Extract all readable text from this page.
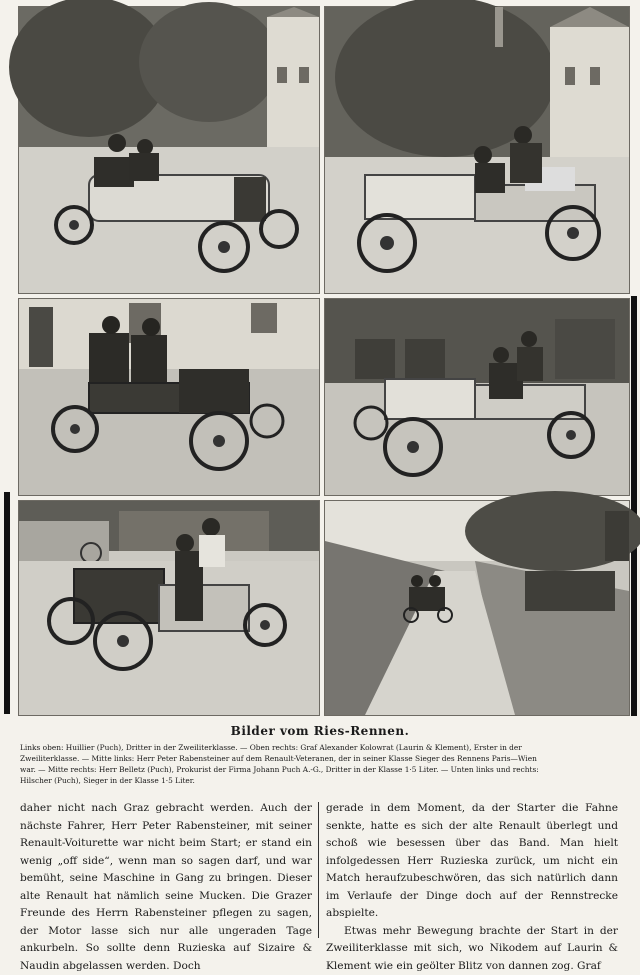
Bilder vom Ries-Rennen.
Links oben: Huillier (Puch), Dritter in der Zweiliterklasse. — Oben rechts: Graf Alexander Kolowrat (Laurin & Klement), Erster in der
Zweiliterklasse. — Mitte links: Herr Peter Rabensteiner auf dem Renault-Veteranen, der in seiner Klasse Sieger des Rennens Paris—Wien
war. — Mitte rechts: Herr Belletz (Puch), Prokurist der Firma Johann Puch A.-G., Dritter in der Klasse 1·5 Liter. — Unten links und rechts:
Hilscher (Puch), Sieger in der Klasse 1·5 Liter.

daher nicht nach Graz gebracht werden. Auch der nächste Fahrer, Herr Peter Rabensteiner, mit seiner Renault-Voiturette war nicht beim Start; er stand ein wenig „off side“, wenn man so sagen darf, und war bemüht, seine Maschine in Gang zu bringen. Dieser alte Renault hat nämlich seine Mucken. Die Grazer Freunde des Herrn Rabensteiner pflegen zu sagen, der Motor lasse sich nur alle ungeraden Tage ankurbeln. So sollte denn Ruzieska auf Sizaire & Naudin abgelassen werden. Doch

gerade in dem Moment, da der Starter die Fahne senkte, hatte es sich der alte Renault überlegt und schoß wie besessen über das Band. Man hielt infolgedessen Herr Ruzieska zurück, um nicht ein Match heraufzubeschwören, das sich natürlich dann im Verlaufe der Dinge doch auf der Rennstrecke abspielte.

Etwas mehr Bewegung brachte der Start in der Zweiliterklasse mit sich, wo Nikodem auf Laurin & Klement wie ein geölter Blitz von dannen zog. Graf
